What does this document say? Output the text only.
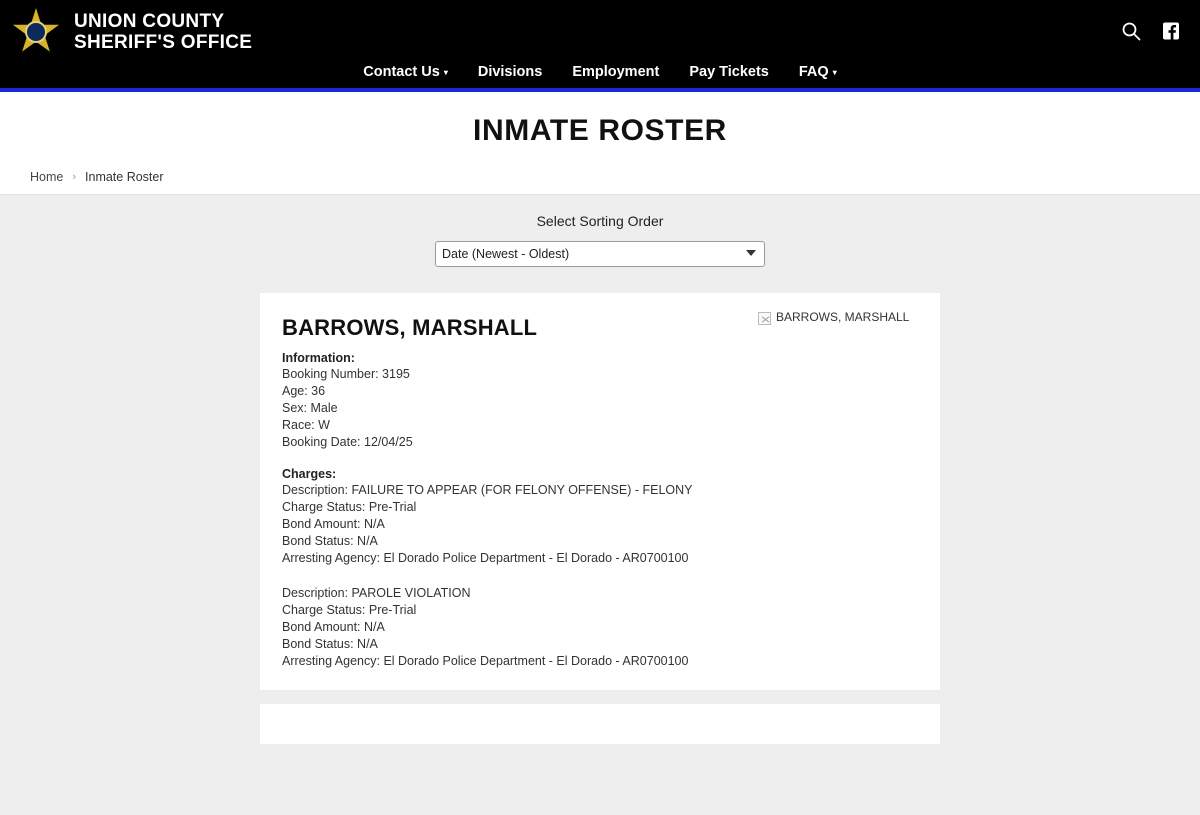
UNION COUNTY
SHERIFF'S OFFICE
Contact Us ▾ Divisions Employment Pay Tickets FAQ ▾
INMATE ROSTER
Home › Inmate Roster
Select Sorting Order
Date (Newest - Oldest)
BARROWS, MARSHALL	BARROWS, MARSHALL
Information:

Booking Number: 3195

Age: 36

Sex: Male

Race: W

Booking Date: 12/04/25

Charges:

Description: FAILURE TO APPEAR (FOR FELONY OFFENSE) - FELONY

Charge Status: Pre-Trial

Bond Amount: N/A

Bond Status: N/A

Arresting Agency: El Dorado Police Department - El Dorado - AR0700100

Description: PAROLE VIOLATION

Charge Status: Pre-Trial

Bond Amount: N/A

Bond Status: N/A

Arresting Agency: El Dorado Police Department - El Dorado - AR0700100
